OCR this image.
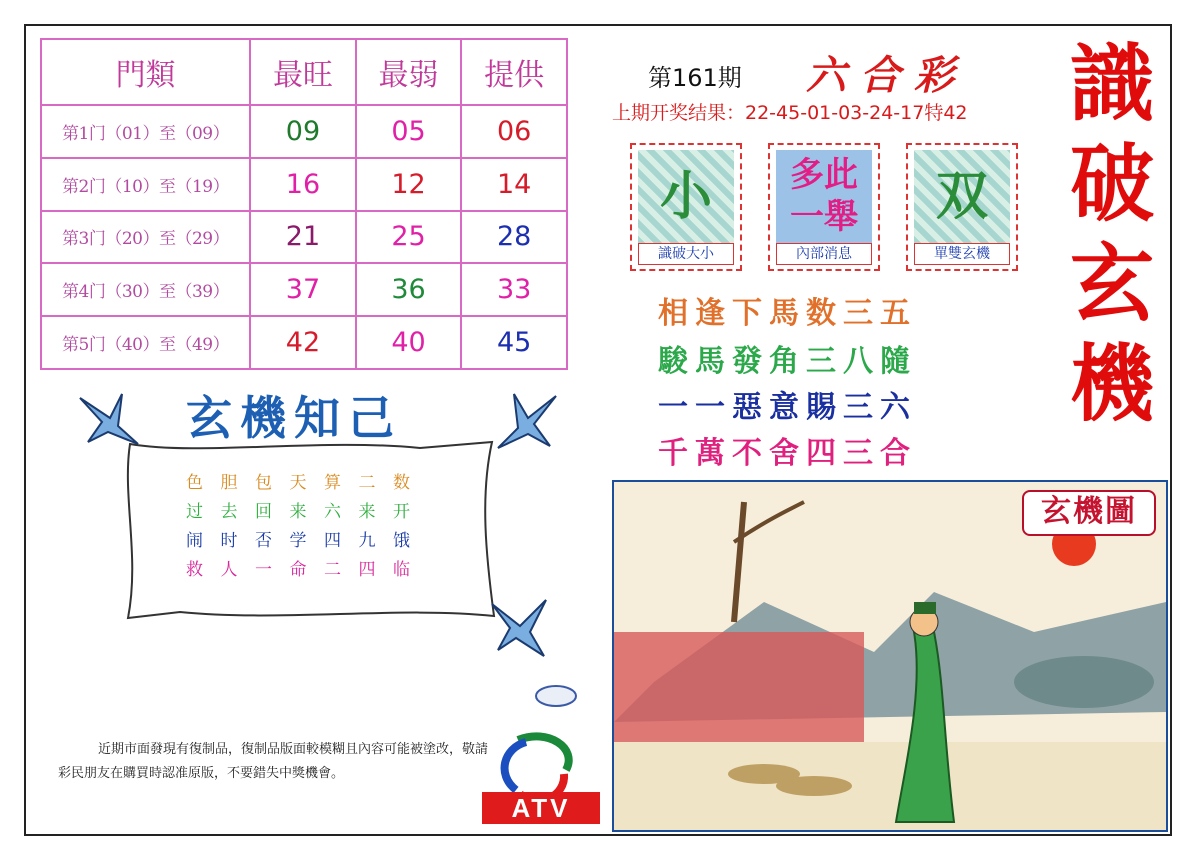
門類	最旺	最弱	提供
第1门（01）至（09）	09	05	06
第2门（10）至（19）	16	12	14
第3门（20）至（29）	21	25	28
第4门（30）至（39）	37	36	33
第5门（40）至（49）	42	40	45
第161期 六合彩
上期开奖结果：22-45-01-03-24-17特42 識
破
玄
機
小
識破大小
多此一舉
內部消息
双
單雙玄機
相逢下馬数三五
駿馬發角三八隨
一一惡意賜三六
千萬不舍四三合
玄機知己
色胆包天算二数
过去回来六来开
闹时否学四九饿
救人一命二四临
近期市面發現有復制品，復制品版面較模糊且內容可能被塗改，敬請彩民朋友在購買時認准原版，不要錯失中獎機會。
ATV
玄機圖
